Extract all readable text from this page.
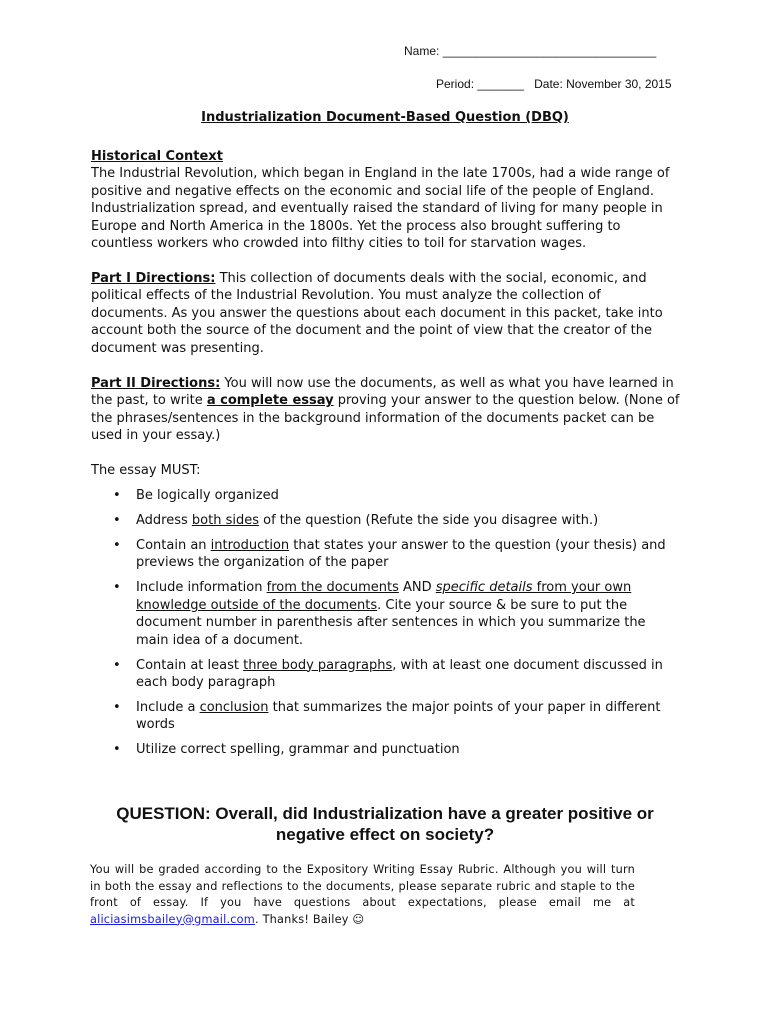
Name: ________________________________
Period: _______ Date: November 30, 2015
Industrialization Document-Based Question (DBQ)
Historical Context
The Industrial Revolution, which began in England in the late 1700s, had a wide range of positive and negative effects on the economic and social life of the people of England. Industrialization spread, and eventually raised the standard of living for many people in Europe and North America in the 1800s. Yet the process also brought suffering to countless workers who crowded into filthy cities to toil for starvation wages.
Part I Directions: This collection of documents deals with the social, economic, and political effects of the Industrial Revolution. You must analyze the collection of documents. As you answer the questions about each document in this packet, take into account both the source of the document and the point of view that the creator of the document was presenting.
Part II Directions: You will now use the documents, as well as what you have learned in the past, to write a complete essay proving your answer to the question below. (None of the phrases/sentences in the background information of the documents packet can be used in your essay.)
The essay MUST:
• Be logically organized
• Address both sides of the question (Refute the side you disagree with.)
• Contain an introduction that states your answer to the question (your thesis) and previews the organization of the paper
• Include information from the documents AND specific details from your own knowledge outside of the documents. Cite your source & be sure to put the document number in parenthesis after sentences in which you summarize the main idea of a document.
• Contain at least three body paragraphs, with at least one document discussed in each body paragraph
• Include a conclusion that summarizes the major points of your paper in different words
• Utilize correct spelling, grammar and punctuation
QUESTION: Overall, did Industrialization have a greater positive or
negative effect on society?
You will be graded according to the Expository Writing Essay Rubric. Although you will turn in both the essay and reflections to the documents, please separate rubric and staple to the front of essay. If you have questions about expectations, please email me at aliciasimsbailey@gmail.com. Thanks! Bailey ☺
